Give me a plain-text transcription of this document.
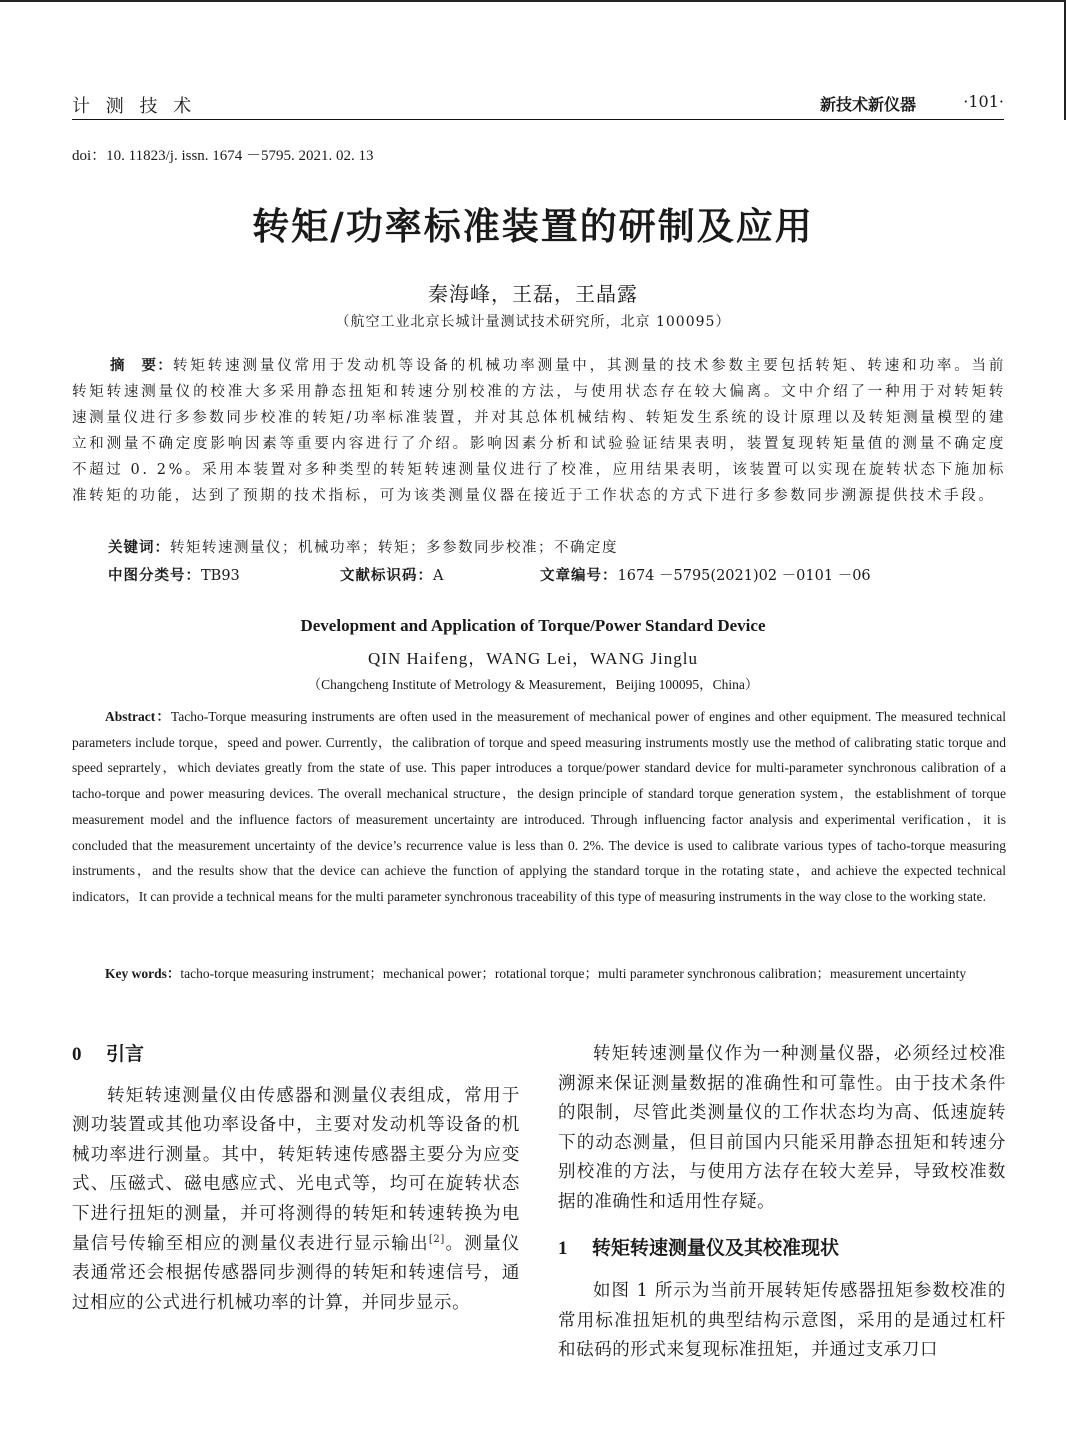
计 测 技 术	新技术新仪器	·101·
doi：10. 11823/j. issn. 1674 －5795. 2021. 02. 13
转矩/功率标准装置的研制及应用
秦海峰，王磊，王晶露
（航空工业北京长城计量测试技术研究所，北京 100095）
摘　要：转矩转速测量仪常用于发动机等设备的机械功率测量中，其测量的技术参数主要包括转矩、转速和功率。当前转矩转速测量仪的校准大多采用静态扭矩和转速分别校准的方法，与使用状态存在较大偏离。文中介绍了一种用于对转矩转速测量仪进行多参数同步校准的转矩/功率标准装置，并对其总体机械结构、转矩发生系统的设计原理以及转矩测量模型的建立和测量不确定度影响因素等重要内容进行了介绍。影响因素分析和试验验证结果表明，装置复现转矩量值的测量不确定度不超过 0. 2%。采用本装置对多种类型的转矩转速测量仪进行了校准，应用结果表明，该装置可以实现在旋转状态下施加标准转矩的功能，达到了预期的技术指标，可为该类测量仪器在接近于工作状态的方式下进行多参数同步溯源提供技术手段。
关键词：转矩转速测量仪；机械功率；转矩；多参数同步校准；不确定度
中图分类号：TB93	文献标识码：A	文章编号：1674 －5795(2021)02 －0101 －06
Development and Application of Torque/Power Standard Device
QIN Haifeng，WANG Lei，WANG Jinglu
（Changcheng Institute of Metrology & Measurement，Beijing 100095，China）
Abstract：Tacho-Torque measuring instruments are often used in the measurement of mechanical power of engines and other equipment. The measured technical parameters include torque，speed and power. Currently，the calibration of torque and speed measuring instruments mostly use the method of calibrating static torque and speed seprartely，which deviates greatly from the state of use. This paper introduces a torque/power standard device for multi-parameter synchronous calibration of a tacho-torque and power measuring devices. The overall mechanical structure，the design principle of standard torque generation system，the establishment of torque measurement model and the influence factors of measurement uncertainty are introduced. Through influencing factor analysis and experimental verification，it is concluded that the measurement uncertainty of the device’s recurrence value is less than 0. 2%. The device is used to calibrate various types of tacho-torque measuring instruments，and the results show that the device can achieve the function of applying the standard torque in the rotating state，and achieve the expected technical indicators，It can provide a technical means for the multi parameter synchronous traceability of this type of measuring instruments in the way close to the working state.
Key words：tacho-torque measuring instrument；mechanical power；rotational torque；multi parameter synchronous calibration；measurement uncertainty
0 引言
转矩转速测量仪由传感器和测量仪表组成，常用于测功装置或其他功率设备中，主要对发动机等设备的机械功率进行测量。其中，转矩转速传感器主要分为应变式、压磁式、磁电感应式、光电式等，均可在旋转状态下进行扭矩的测量，并可将测得的转矩和转速转换为电量信号传输至相应的测量仪表进行显示输出[2]。测量仪表通常还会根据传感器同步测得的转矩和转速信号，通过相应的公式进行机械功率的计算，并同步显示。
转矩转速测量仪作为一种测量仪器，必须经过校准溯源来保证测量数据的准确性和可靠性。由于技术条件的限制，尽管此类测量仪的工作状态均为高、低速旋转下的动态测量，但目前国内只能采用静态扭矩和转速分别校准的方法，与使用方法存在较大差异，导致校准数据的准确性和适用性存疑。
1 转矩转速测量仪及其校准现状
如图 1 所示为当前开展转矩传感器扭矩参数校准的常用标准扭矩机的典型结构示意图，采用的是通过杠杆和砝码的形式来复现标准扭矩，并通过支承刀口
